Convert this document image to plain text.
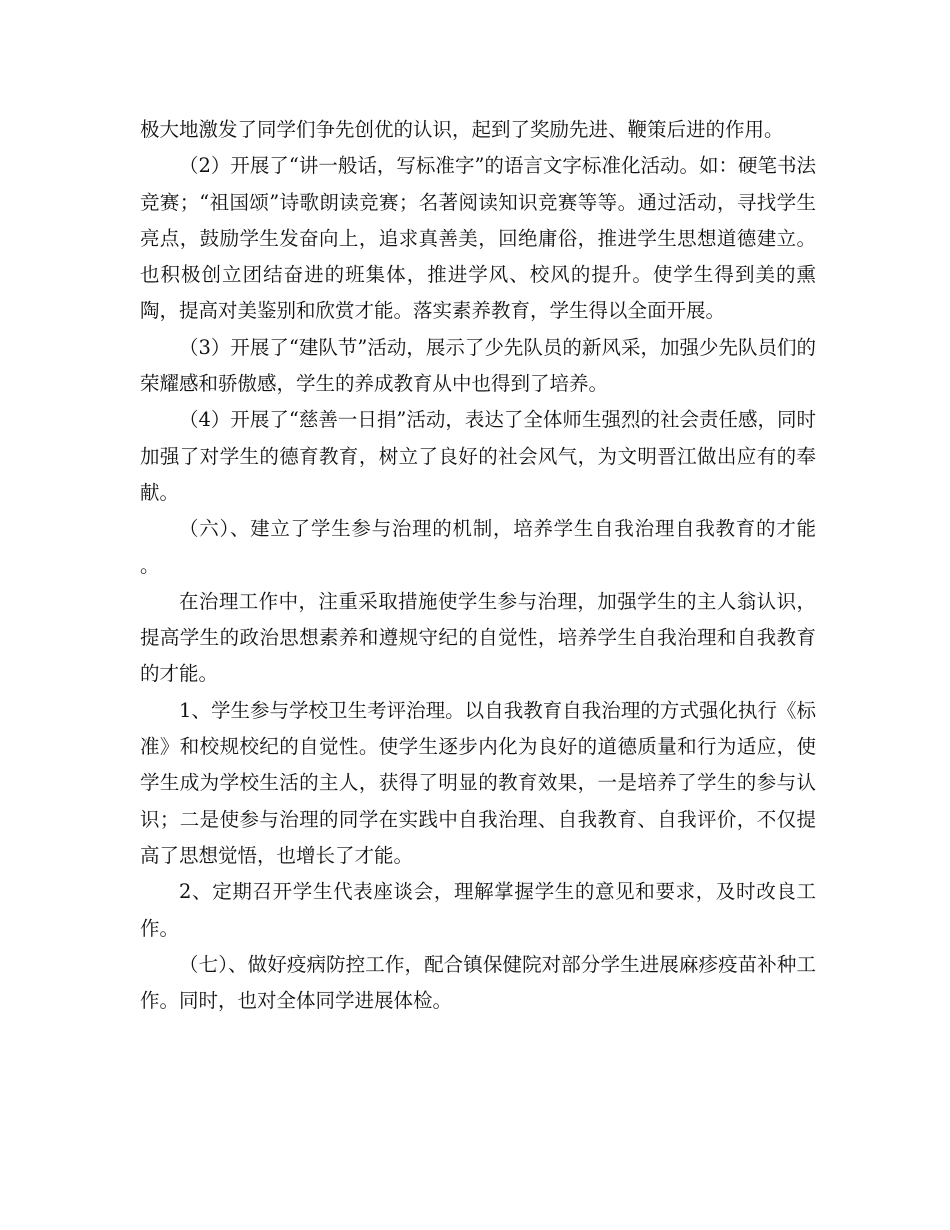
极大地激发了同学们争先创优的认识，起到了奖励先进、鞭策后进的作用。

（2）开展了“讲一般话，写标准字”的语言文字标准化活动。如：硬笔书法竞赛；“祖国颂”诗歌朗读竞赛；名著阅读知识竞赛等等。通过活动，寻找学生亮点，鼓励学生发奋向上，追求真善美，回绝庸俗，推进学生思想道德建立。也积极创立团结奋进的班集体，推进学风、校风的提升。使学生得到美的熏陶，提高对美鉴别和欣赏才能。落实素养教育，学生得以全面开展。

（3）开展了“建队节”活动，展示了少先队员的新风采，加强少先队员们的荣耀感和骄傲感，学生的养成教育从中也得到了培养。

（4）开展了“慈善一日捐”活动，表达了全体师生强烈的社会责任感，同时加强了对学生的德育教育，树立了良好的社会风气，为文明晋江做出应有的奉献。

（六）、建立了学生参与治理的机制，培养学生自我治理自我教育的才能 。

在治理工作中，注重采取措施使学生参与治理，加强学生的主人翁认识，提高学生的政治思想素养和遵规守纪的自觉性，培养学生自我治理和自我教育的才能。

1、学生参与学校卫生考评治理。以自我教育自我治理的方式强化执行《标准》和校规校纪的自觉性。使学生逐步内化为良好的道德质量和行为适应，使学生成为学校生活的主人，获得了明显的教育效果，一是培养了学生的参与认识；二是使参与治理的同学在实践中自我治理、自我教育、自我评价，不仅提高了思想觉悟，也增长了才能。

2、定期召开学生代表座谈会，理解掌握学生的意见和要求，及时改良工作。

（七）、做好疫病防控工作，配合镇保健院对部分学生进展麻疹疫苗补种工作。同时，也对全体同学进展体检。
